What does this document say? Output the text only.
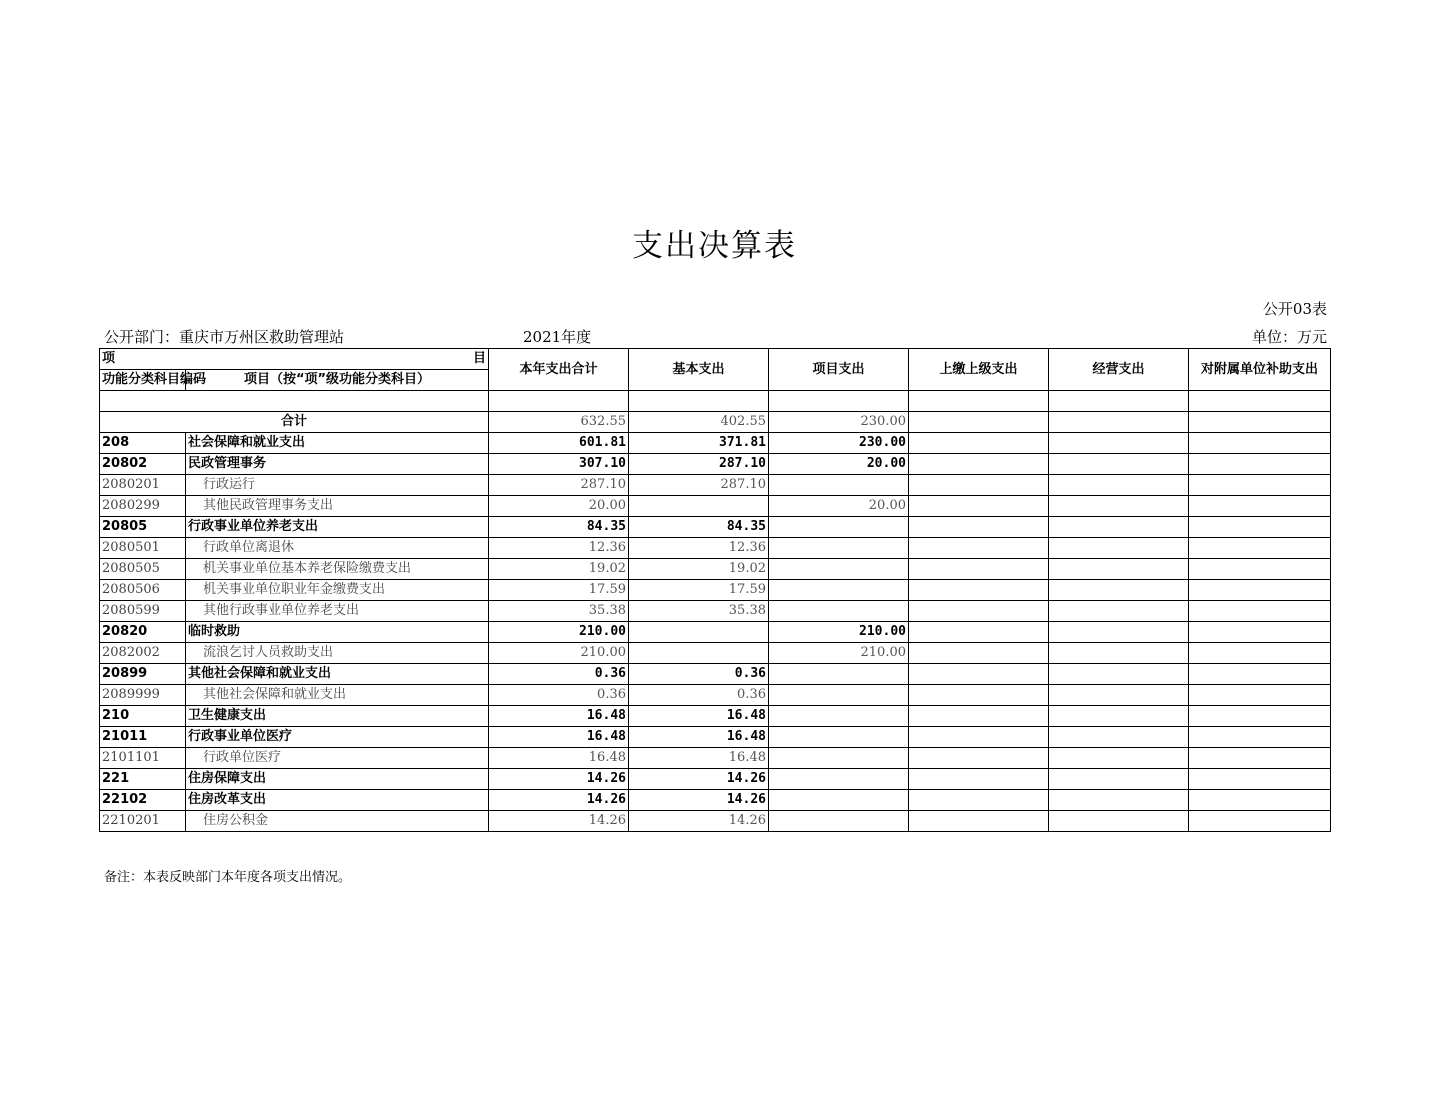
支出决算表
公开03表
公开部门：重庆市万州区救助管理站	2021年度	单位：万元
项 目		本年支出合计	基本支出	项目支出	上缴上级支出	经营支出	对附属单位补助支出
功能分类科目编码	项目（按“项”级功能分类科目）						

合计		632.55	402.55	230.00			
208	社会保障和就业支出	601.81	371.81	230.00			
20802	民政管理事务	307.10	287.10	20.00			
2080201	行政运行	287.10	287.10				
2080299	其他民政管理事务支出	20.00		20.00			
20805	行政事业单位养老支出	84.35	84.35				
2080501	行政单位离退休	12.36	12.36				
2080505	机关事业单位基本养老保险缴费支出	19.02	19.02				
2080506	机关事业单位职业年金缴费支出	17.59	17.59				
2080599	其他行政事业单位养老支出	35.38	35.38				
20820	临时救助	210.00		210.00			
2082002	流浪乞讨人员救助支出	210.00		210.00			
20899	其他社会保障和就业支出	0.36	0.36				
2089999	其他社会保障和就业支出	0.36	0.36				
210	卫生健康支出	16.48	16.48				
21011	行政事业单位医疗	16.48	16.48				
2101101	行政单位医疗	16.48	16.48				
221	住房保障支出	14.26	14.26				
22102	住房改革支出	14.26	14.26				
2210201	住房公积金	14.26	14.26				
备注：本表反映部门本年度各项支出情况。
